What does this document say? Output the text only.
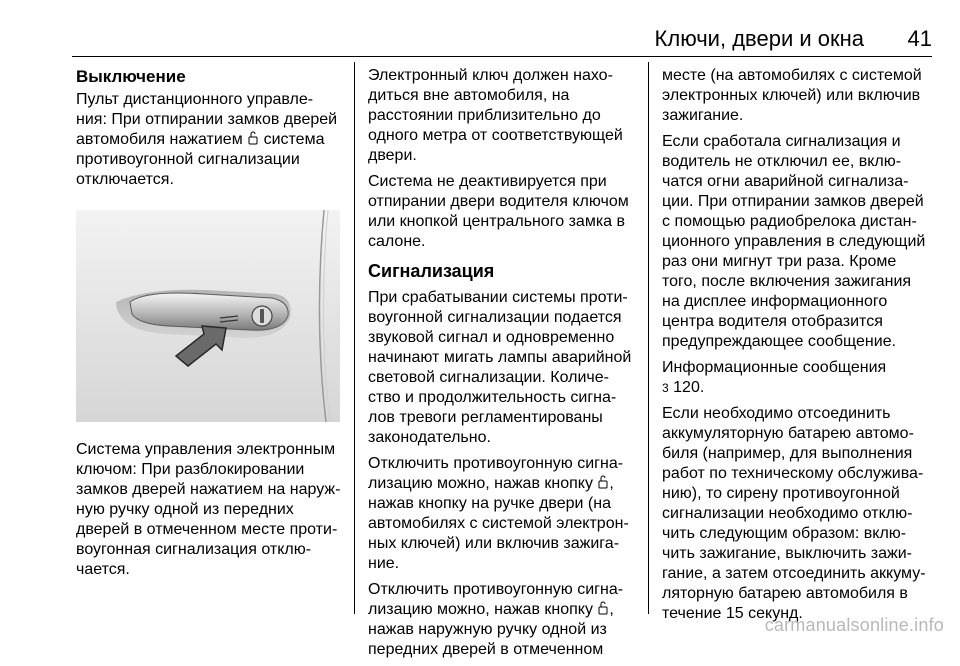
Ключи, двери и окна 41
Выключение

Пульт дистанционного управле-ния: При отпирании замков дверей автомобиля нажатием система противоугонной сигнализации отключается.

Система управления электронным ключом: При разблокировании замков дверей нажатием на наруж-ную ручку одной из передних дверей в отмеченном месте проти-воугонная сигнализация отклю-чается.

Электронный ключ должен нахо-диться вне автомобиля, на расстоянии приблизительно до одного метра от соответствующей двери.

Система не деактивируется при отпирании двери водителя ключом или кнопкой центрального замка в салоне.

Сигнализация

При срабатывании системы проти-воугонной сигнализации подается звуковой сигнал и одновременно начинают мигать лампы аварийной световой сигнализации. Количе-ство и продолжительность сигна-лов тревоги регламентированы законодательно.

Отключить противоугонную сигна-лизацию можно, нажав кнопку , нажав кнопку на ручке двери (на автомобилях с системой электрон-ных ключей) или включив зажига-ние.

Отключить противоугонную сигна-лизацию можно, нажав кнопку , нажав наружную ручку одной из передних дверей в отмеченном

месте (на автомобилях с системой электронных ключей) или включив зажигание.

Если сработала сигнализация и водитель не отключил ее, вклю-чатся огни аварийной сигнализа-ции. При отпирании замков дверей с помощью радиобрелока дистан-ционного управления в следующий раз они мигнут три раза. Кроме того, после включения зажигания на дисплее информационного центра водителя отобразится предупреждающее сообщение.

Информационные сообщения
3 120.

Если необходимо отсоединить аккумуляторную батарею автомо-биля (например, для выполнения работ по техническому обслужива-нию), то сирену противоугонной сигнализации необходимо отклю-чить следующим образом: вклю-чить зажигание, выключить зажи-гание, а затем отсоединить аккуму-ляторную батарею автомобиля в течение 15 секунд.

carmanualsonline.info
